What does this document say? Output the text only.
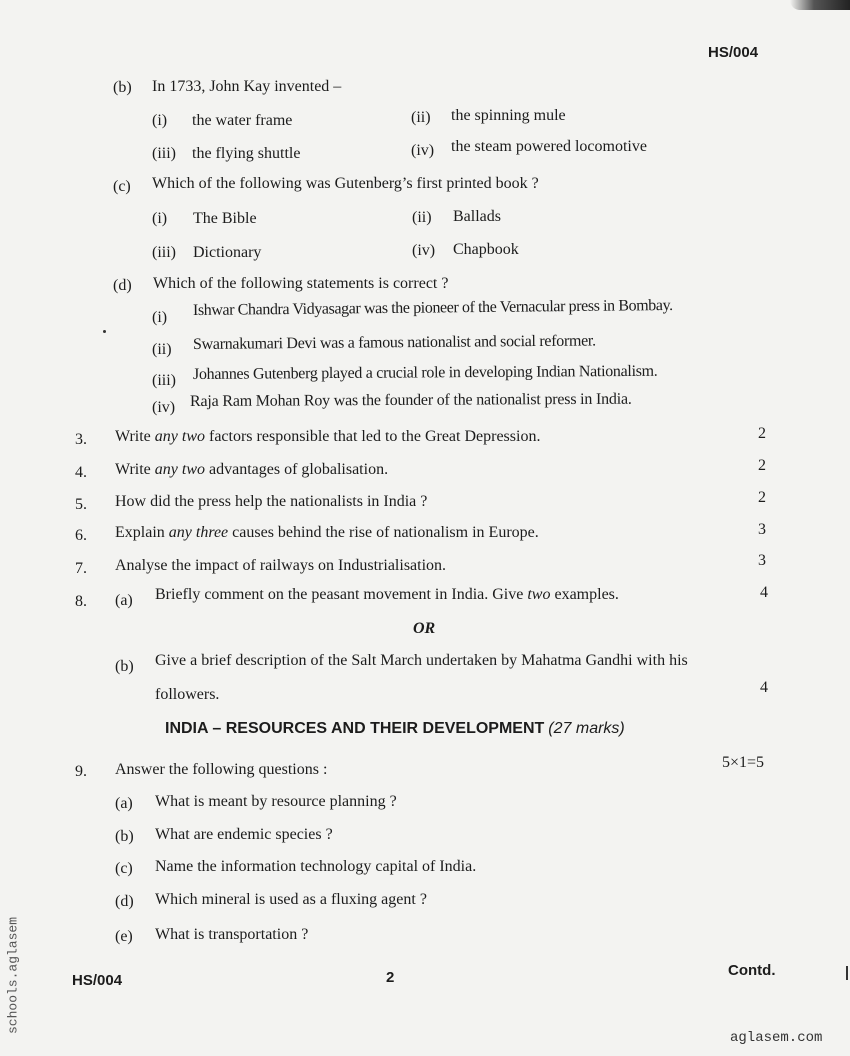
HS/004
(b) In 1733, John Kay invented –
(i) the water frame	(ii) the spinning mule
(iii) the flying shuttle	(iv) the steam powered locomotive
(c) Which of the following was Gutenberg’s first printed book ?
(i) The Bible	(ii) Ballads
(iii) Dictionary	(iv) Chapbook
(d) Which of the following statements is correct ?
(i) Ishwar Chandra Vidyasagar was the pioneer of the Vernacular press in Bombay.
(ii) Swarnakumari Devi was a famous nationalist and social reformer.
(iii) Johannes Gutenberg played a crucial role in developing Indian Nationalism.
(iv) Raja Ram Mohan Roy was the founder of the nationalist press in India.
3. Write any two factors responsible that led to the Great Depression.	2
4. Write any two advantages of globalisation.	2
5. How did the press help the nationalists in India ?	2
6. Explain any three causes behind the rise of nationalism in Europe.	3
7. Analyse the impact of railways on Industrialisation.	3
8. (a) Briefly comment on the peasant movement in India. Give two examples.	4
OR
(b) Give a brief description of the Salt March undertaken by Mahatma Gandhi with his
followers.	4
INDIA – RESOURCES AND THEIR DEVELOPMENT (27 marks)
9. Answer the following questions :	5×1=5
(a) What is meant by resource planning ?
(b) What are endemic species ?
(c) Name the information technology capital of India.
(d) Which mineral is used as a fluxing agent ?
(e) What is transportation ?
HS/004	2	Contd.
schools.aglasem
aglasem.com
